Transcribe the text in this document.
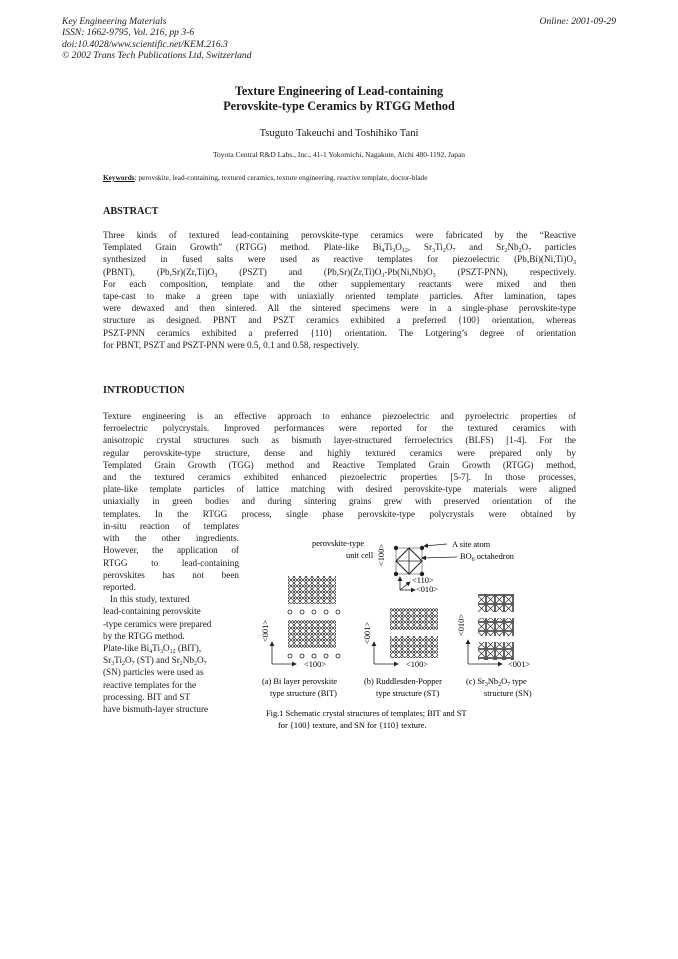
Key Engineering Materials
ISSN: 1662-9795, Vol. 216, pp 3-6
doi:10.4028/www.scientific.net/KEM.216.3
© 2002 Trans Tech Publications Ltd, Switzerland
Online: 2001-09-29
Texture Engineering of Lead-containing
Perovskite-type Ceramics by RTGG Method
Tsuguto Takeuchi and Toshihiko Tani
Toyota Central R&D Labs., Inc., 41-1 Yokomichi, Nagakute, Aichi 480-1192, Japan
Keywords: perovskite, lead-containing, textured ceramics, texture engineering, reactive template, doctor-blade
ABSTRACT
Three kinds of textured lead-containing perovskite-type ceramics were fabricated by the “Reactive
Templated Grain Growth” (RTGG) method. Plate-like $Bi_4Ti_3O_{12}$, $Sr_3Ti_2O_7$ and $Sr_2Nb_2O_7$ particles
synthesized in fused salts were used as reactive templates for piezoelectric $(Pb,Bi)(Ni,Ti)O_3$
(PBNT), $(Pb,Sr)(Zr,Ti)O_3$ (PSZT) and $(Pb,Sr)(Zr,Ti)O_3-Pb(Ni,Nb)O_3$ (PSZT-PNN), respectively.
For each composition, template and the other supplementary reactants were mixed and then
tape-cast to make a green tape with uniaxially oriented template particles. After lamination, tapes
were dewaxed and then sintered. All the sintered specimens were in a single-phase perovskite-type
structure as designed. PBNT and PSZT ceramics exhibited a preferred {100} orientation, whereas
PSZT-PNN ceramics exhibited a preferred {110} orientation. The Lotgering’s degree of orientation
for PBNT, PSZT and PSZT-PNN were 0.5, 0.1 and 0.58, respectively.
INTRODUCTION
Texture engineering is an effective approach to enhance piezoelectric and pyroelectric properties of
ferroelectric polycrystals. Improved performances were reported for the textured ceramics with
anisotropic crystal structures such as bismuth layer-structured ferroelectrics (BLFS) [1-4]. For the
regular perovskite-type structure, dense and highly textured ceramics were prepared only by
Templated Grain Growth (TGG) method and Reactive Templated Grain Growth (RTGG) method,
and the textured ceramics exhibited enhanced piezoelectric properties [5-7]. In those processes,
plate-like template particles of lattice matching with desired perovskite-type materials were aligned
uniaxially in green bodies and during sintering grains grew with preserved orientation of the
templates. In the RTGG process, single phase perovskite-type polycrystals were obtained by
in-situ reaction of templates
with the other ingredients.
However, the application of
RTGG  to  lead-containing
perovskites  has  not  been
reported.
In this study, textured
lead-containing perovskite
-type ceramics were prepared
by the RTGG method.
Plate-like $Bi_4Ti_3O_{12}$ (BIT),
$Sr_3Ti_2O_7$ (ST) and $Sr_2Nb_2O_7$
(SN) particles were used as
reactive templates for the
processing. BIT and ST
have bismuth-layer structure
perovskite-type
unit cell <100>	A site atom
$BO_6$ octahedron
<110>
<010>
<001>
<100>
<001>
<100>
<010>
<001>
(a) Bi layer perovskite
type structure (BIT)
(b) Ruddlesden-Popper
type structure (ST)
(c) $Sr_3Nb_2O_7$ type
structure (SN)
Fig.1 Schematic crystal structures of templates; BIT and ST
for {100} texture, and SN for {110} texture.
